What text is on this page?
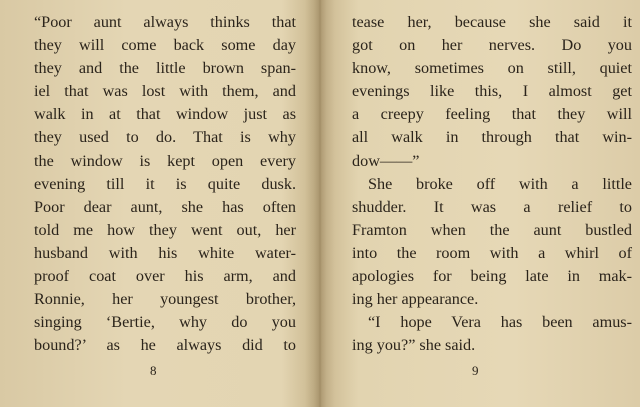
“Poor aunt always thinks that
they will come back some day
they and the little brown span-
iel that was lost with them, and
walk in at that window just as
they used to do. That is why
the window is kept open every
evening till it is quite dusk.
Poor dear aunt, she has often
told me how they went out, her
husband with his white water-
proof coat over his arm, and
Ronnie, her youngest brother,
singing ‘Bertie, why do you
bound?’ as he always did to
8
tease her, because she said it
got on her nerves. Do you
know, sometimes on still, quiet
evenings like this, I almost get
a creepy feeling that they will
all walk in through that win-
dow——”
She broke off with a little
shudder. It was a relief to
Framton when the aunt bustled
into the room with a whirl of
apologies for being late in mak-
ing her appearance.
“I hope Vera has been amus-
ing you?” she said.
9
